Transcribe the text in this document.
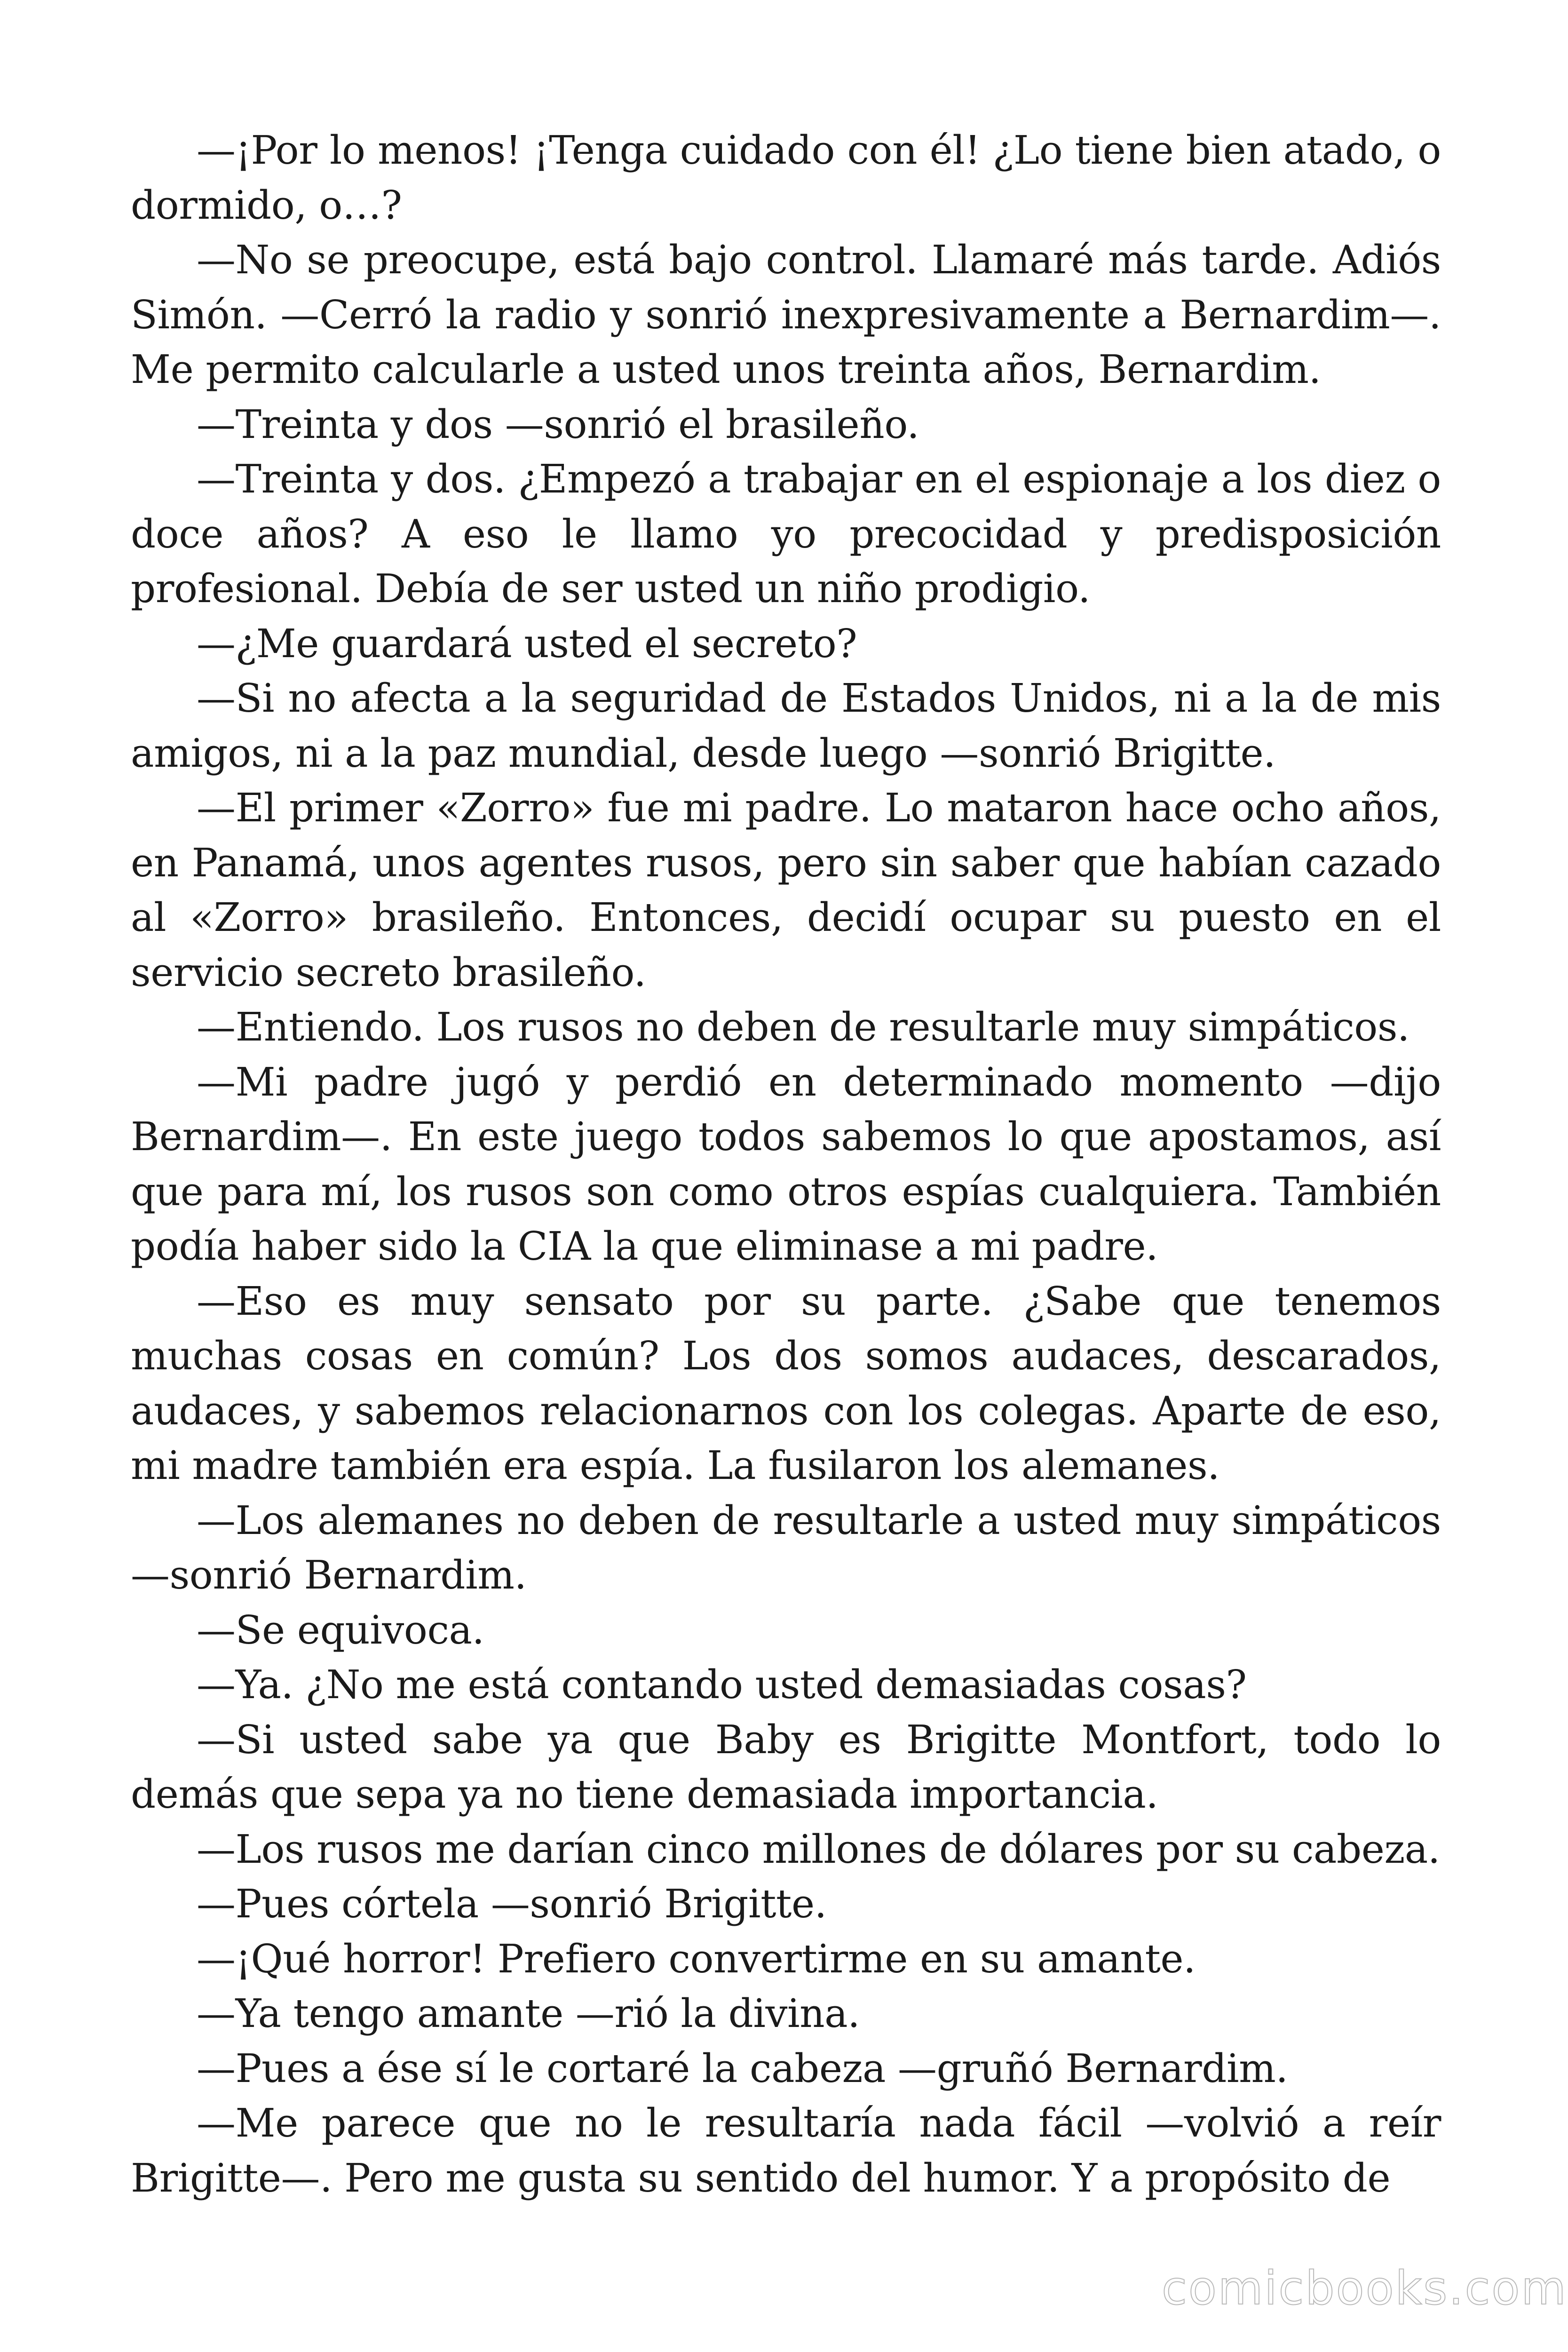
—¡Por lo menos! ¡Tenga cuidado con él! ¿Lo tiene bien atado, o dormido, o…?

—No se preocupe, está bajo control. Llamaré más tarde. Adiós Simón. —Cerró la radio y sonrió inexpresivamente a Bernardim—. Me permito calcularle a usted unos treinta años, Bernardim.

—Treinta y dos —sonrió el brasileño.

—Treinta y dos. ¿Empezó a trabajar en el espionaje a los diez o doce años? A eso le llamo yo precocidad y predisposición profesional. Debía de ser usted un niño prodigio.

—¿Me guardará usted el secreto?

—Si no afecta a la seguridad de Estados Unidos, ni a la de mis amigos, ni a la paz mundial, desde luego —sonrió Brigitte.

—El primer «Zorro» fue mi padre. Lo mataron hace ocho años, en Panamá, unos agentes rusos, pero sin saber que habían cazado al «Zorro» brasileño. Entonces, decidí ocupar su puesto en el servicio secreto brasileño.

—Entiendo. Los rusos no deben de resultarle muy simpáticos.

—Mi padre jugó y perdió en determinado momento —dijo Bernardim—. En este juego todos sabemos lo que apostamos, así que para mí, los rusos son como otros espías cualquiera. También podía haber sido la CIA la que eliminase a mi padre.

—Eso es muy sensato por su parte. ¿Sabe que tenemos muchas cosas en común? Los dos somos audaces, descarados, audaces, y sabemos relacionarnos con los colegas. Aparte de eso, mi madre también era espía. La fusilaron los alemanes.

—Los alemanes no deben de resultarle a usted muy simpáticos —sonrió Bernardim.

—Se equivoca.

—Ya. ¿No me está contando usted demasiadas cosas?

—Si usted sabe ya que Baby es Brigitte Montfort, todo lo demás que sepa ya no tiene demasiada importancia.

—Los rusos me darían cinco millones de dólares por su cabeza.

—Pues córtela —sonrió Brigitte.

—¡Qué horror! Prefiero convertirme en su amante.

—Ya tengo amante —rió la divina.

—Pues a ése sí le cortaré la cabeza —gruñó Bernardim.

—Me parece que no le resultaría nada fácil —volvió a reír Brigitte—. Pero me gusta su sentido del humor. Y a propósito de

comicbooks.com
